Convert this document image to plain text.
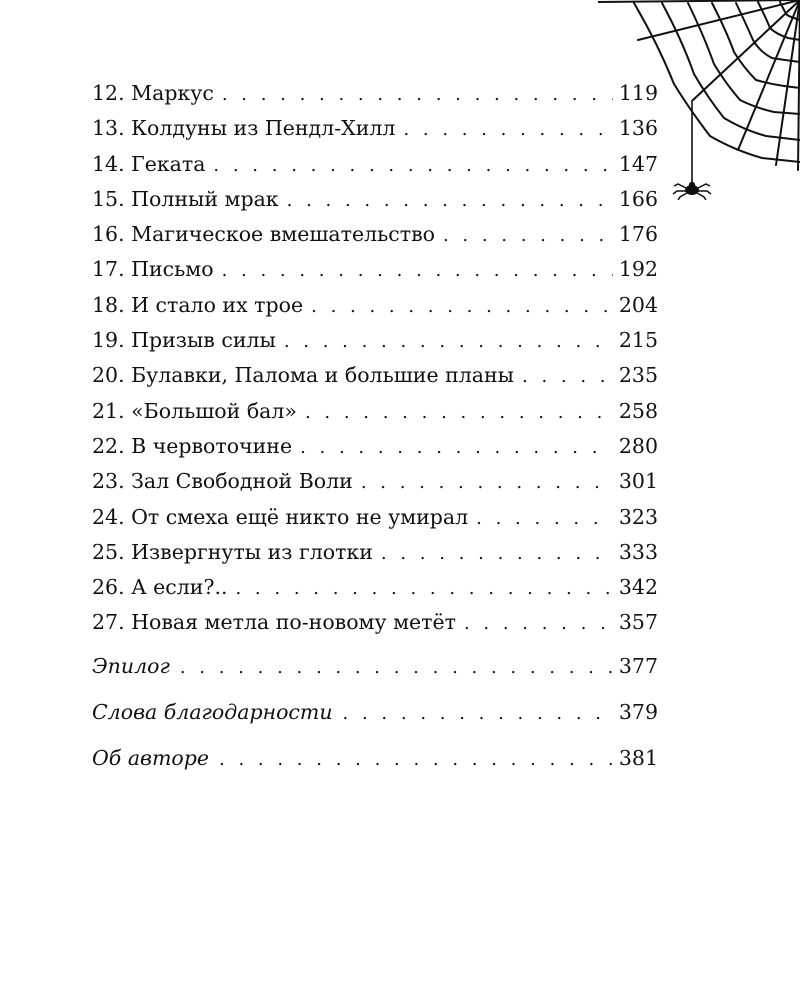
12. Маркус . . .	119
13. Колдуны из Пендл-Хилл . . .	136
14. Геката . . .	147
15. Полный мрак . . .	166
16. Магическое вмешательство . . .	176
17. Письмо . . .	192
18. И стало их трое . . .	204
19. Призыв силы . . .	215
20. Булавки, Палома и большие планы . . .	235
21. «Большой бал» . . .	258
22. В червоточине . . .	280
23. Зал Свободной Воли . . .	301
24. От смеха ещё никто не умирал . . .	323
25. Извергнуты из глотки . . .	333
26. А если?.. . . .	342
27. Новая метла по-новому метёт . . .	357
Эпилог . . .	377
Слова благодарности . . .	379
Об авторе . . .	381
